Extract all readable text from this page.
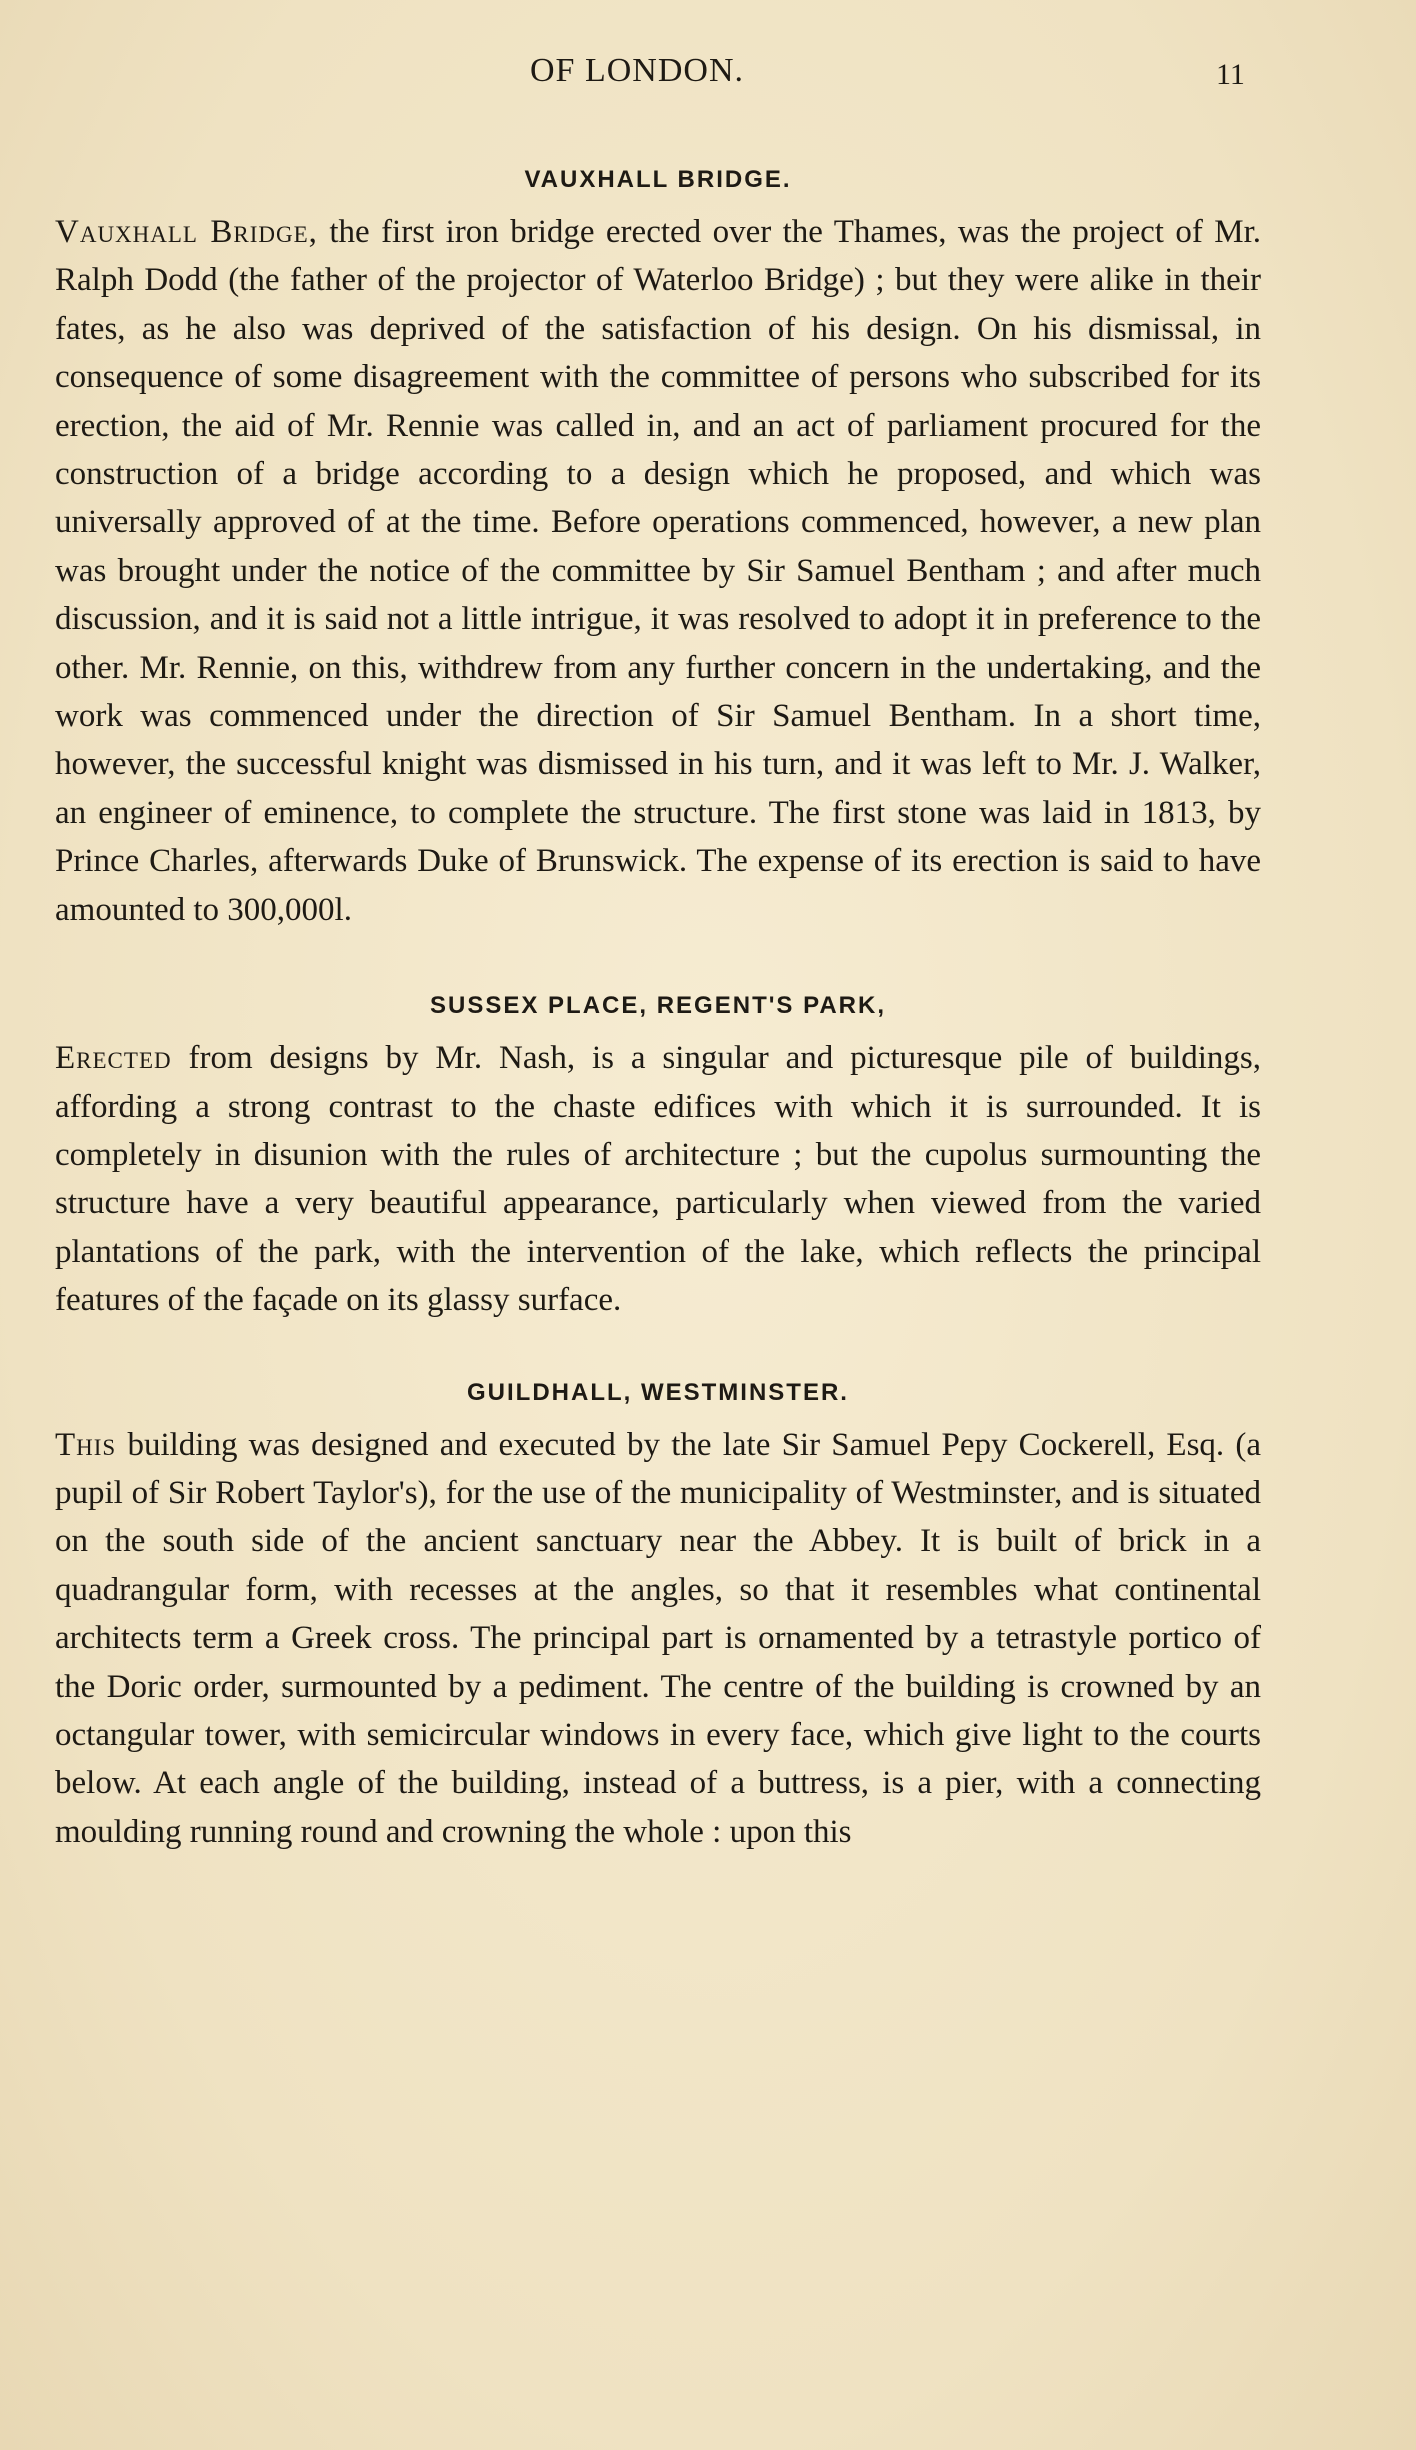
OF LONDON.	11
VAUXHALL BRIDGE.

Vauxhall Bridge, the first iron bridge erected over the Thames, was the project of Mr. Ralph Dodd (the father of the projector of Waterloo Bridge) ; but they were alike in their fates, as he also was deprived of the satisfaction of his design. On his dismissal, in consequence of some disagreement with the committee of persons who subscribed for its erection, the aid of Mr. Rennie was called in, and an act of parliament procured for the construction of a bridge according to a design which he proposed, and which was universally approved of at the time. Before operations commenced, however, a new plan was brought under the notice of the committee by Sir Samuel Bentham ; and after much discussion, and it is said not a little intrigue, it was resolved to adopt it in preference to the other. Mr. Rennie, on this, withdrew from any further concern in the undertaking, and the work was commenced under the direction of Sir Samuel Bentham. In a short time, however, the successful knight was dismissed in his turn, and it was left to Mr. J. Walker, an engineer of eminence, to complete the structure. The first stone was laid in 1813, by Prince Charles, afterwards Duke of Brunswick. The expense of its erection is said to have amounted to 300,000l.

SUSSEX PLACE, REGENT'S PARK,

Erected from designs by Mr. Nash, is a singular and picturesque pile of buildings, affording a strong contrast to the chaste edifices with which it is surrounded. It is completely in disunion with the rules of architecture ; but the cupolus surmounting the structure have a very beautiful appearance, particularly when viewed from the varied plantations of the park, with the intervention of the lake, which reflects the principal features of the façade on its glassy surface.

GUILDHALL, WESTMINSTER.

This building was designed and executed by the late Sir Samuel Pepy Cockerell, Esq. (a pupil of Sir Robert Taylor's), for the use of the municipality of Westminster, and is situated on the south side of the ancient sanctuary near the Abbey. It is built of brick in a quadrangular form, with recesses at the angles, so that it resembles what continental architects term a Greek cross. The principal part is ornamented by a tetrastyle portico of the Doric order, surmounted by a pediment. The centre of the building is crowned by an octangular tower, with semicircular windows in every face, which give light to the courts below. At each angle of the building, instead of a buttress, is a pier, with a connecting moulding running round and crowning the whole : upon this
